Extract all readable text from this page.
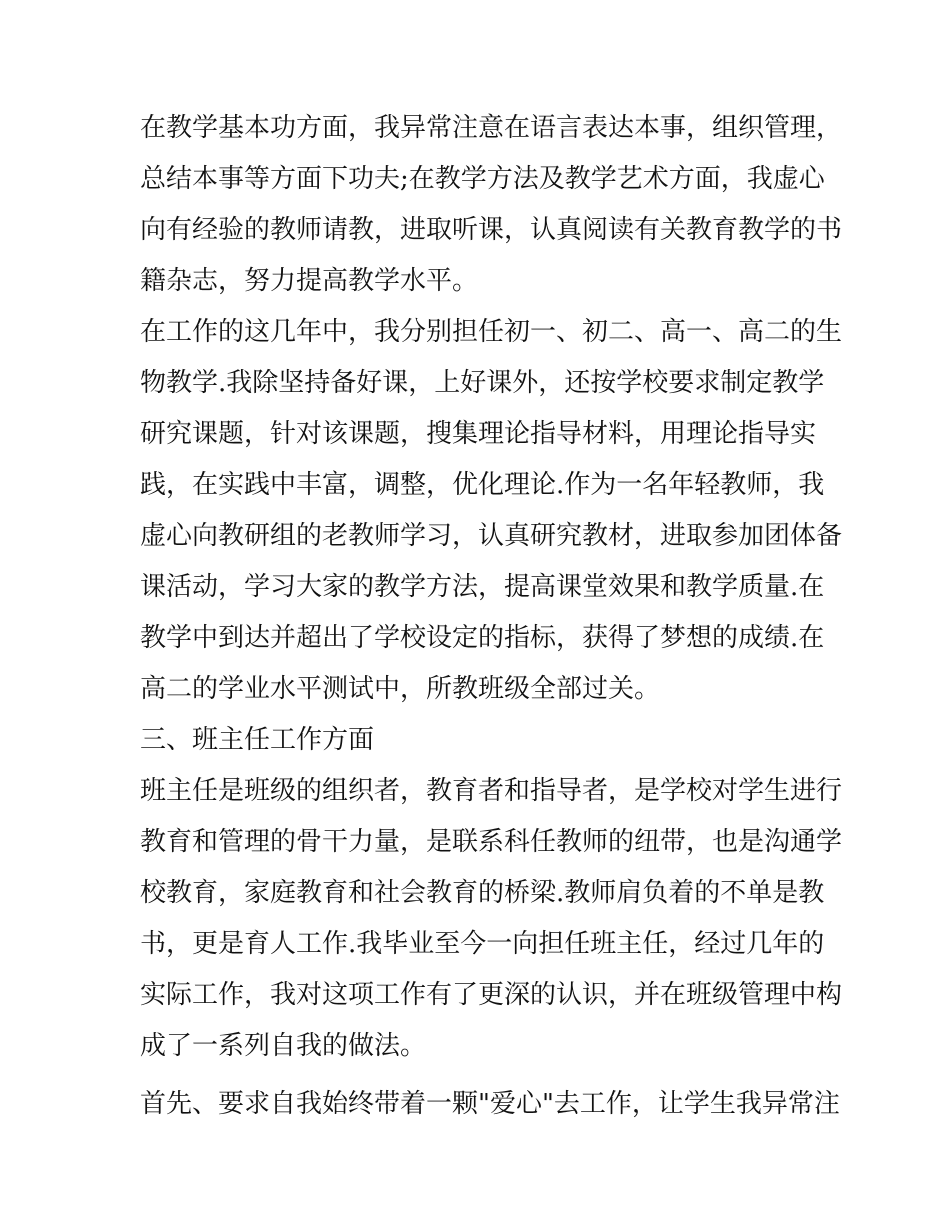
在教学基本功方面，我异常注意在语言表达本事，组织管理，
总结本事等方面下功夫;在教学方法及教学艺术方面，我虚心
向有经验的教师请教，进取听课，认真阅读有关教育教学的书
籍杂志，努力提高教学水平。
在工作的这几年中，我分别担任初一、初二、高一、高二的生
物教学.我除坚持备好课，上好课外，还按学校要求制定教学
研究课题，针对该课题，搜集理论指导材料，用理论指导实
践，在实践中丰富，调整，优化理论.作为一名年轻教师，我
虚心向教研组的老教师学习，认真研究教材，进取参加团体备
课活动，学习大家的教学方法，提高课堂效果和教学质量.在
教学中到达并超出了学校设定的指标，获得了梦想的成绩.在
高二的学业水平测试中，所教班级全部过关。
三、班主任工作方面
班主任是班级的组织者，教育者和指导者，是学校对学生进行
教育和管理的骨干力量，是联系科任教师的纽带，也是沟通学
校教育，家庭教育和社会教育的桥梁.教师肩负着的不单是教
书，更是育人工作.我毕业至今一向担任班主任，经过几年的
实际工作，我对这项工作有了更深的认识，并在班级管理中构
成了一系列自我的做法。
首先、要求自我始终带着一颗"爱心"去工作，让学生我异常注
